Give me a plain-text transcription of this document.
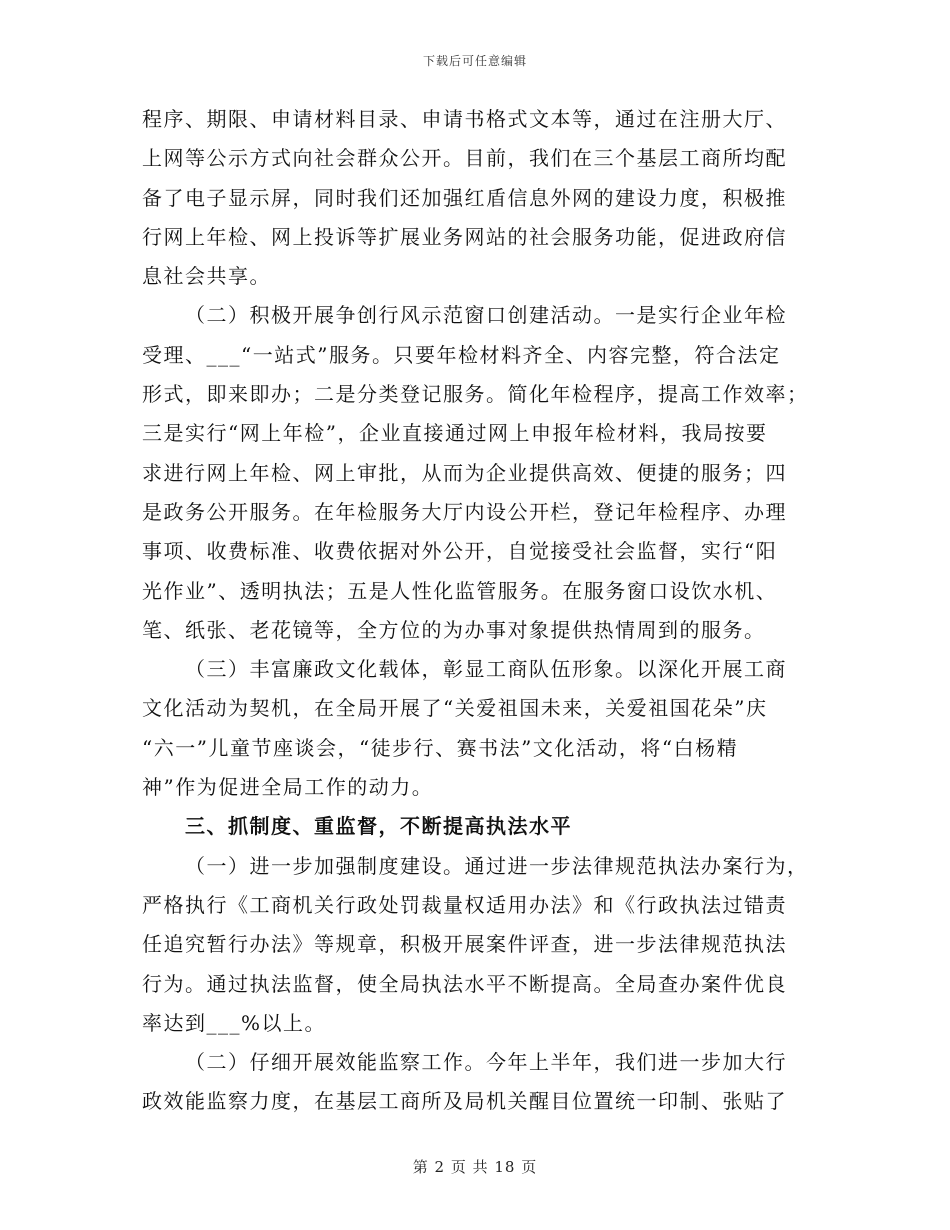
下载后可任意编辑

程序、期限、申请材料目录、申请书格式文本等，通过在注册大厅、
上网等公示方式向社会群众公开。目前，我们在三个基层工商所均配
备了电子显示屏，同时我们还加强红盾信息外网的建设力度，积极推
行网上年检、网上投诉等扩展业务网站的社会服务功能，促进政府信
息社会共享。

（二）积极开展争创行风示范窗口创建活动。一是实行企业年检
受理、___“一站式”服务。只要年检材料齐全、内容完整，符合法定
形式，即来即办；二是分类登记服务。简化年检程序，提高工作效率；
三是实行“网上年检”，企业直接通过网上申报年检材料，我局按要
求进行网上年检、网上审批，从而为企业提供高效、便捷的服务；四
是政务公开服务。在年检服务大厅内设公开栏，登记年检程序、办理
事项、收费标准、收费依据对外公开，自觉接受社会监督，实行“阳
光作业”、透明执法；五是人性化监管服务。在服务窗口设饮水机、
笔、纸张、老花镜等，全方位的为办事对象提供热情周到的服务。

（三）丰富廉政文化载体，彰显工商队伍形象。以深化开展工商
文化活动为契机，在全局开展了“关爱祖国未来，关爱祖国花朵”庆
“六一”儿童节座谈会，“徒步行、赛书法”文化活动，将“白杨精
神”作为促进全局工作的动力。

三、抓制度、重监督，不断提高执法水平

（一）进一步加强制度建设。通过进一步法律规范执法办案行为，
严格执行《工商机关行政处罚裁量权适用办法》和《行政执法过错责
任追究暂行办法》等规章，积极开展案件评查，进一步法律规范执法
行为。通过执法监督，使全局执法水平不断提高。全局查办案件优良
率达到___%以上。

（二）仔细开展效能监察工作。今年上半年，我们进一步加大行
政效能监察力度，在基层工商所及局机关醒目位置统一印制、张贴了

第 2 页 共 18 页
